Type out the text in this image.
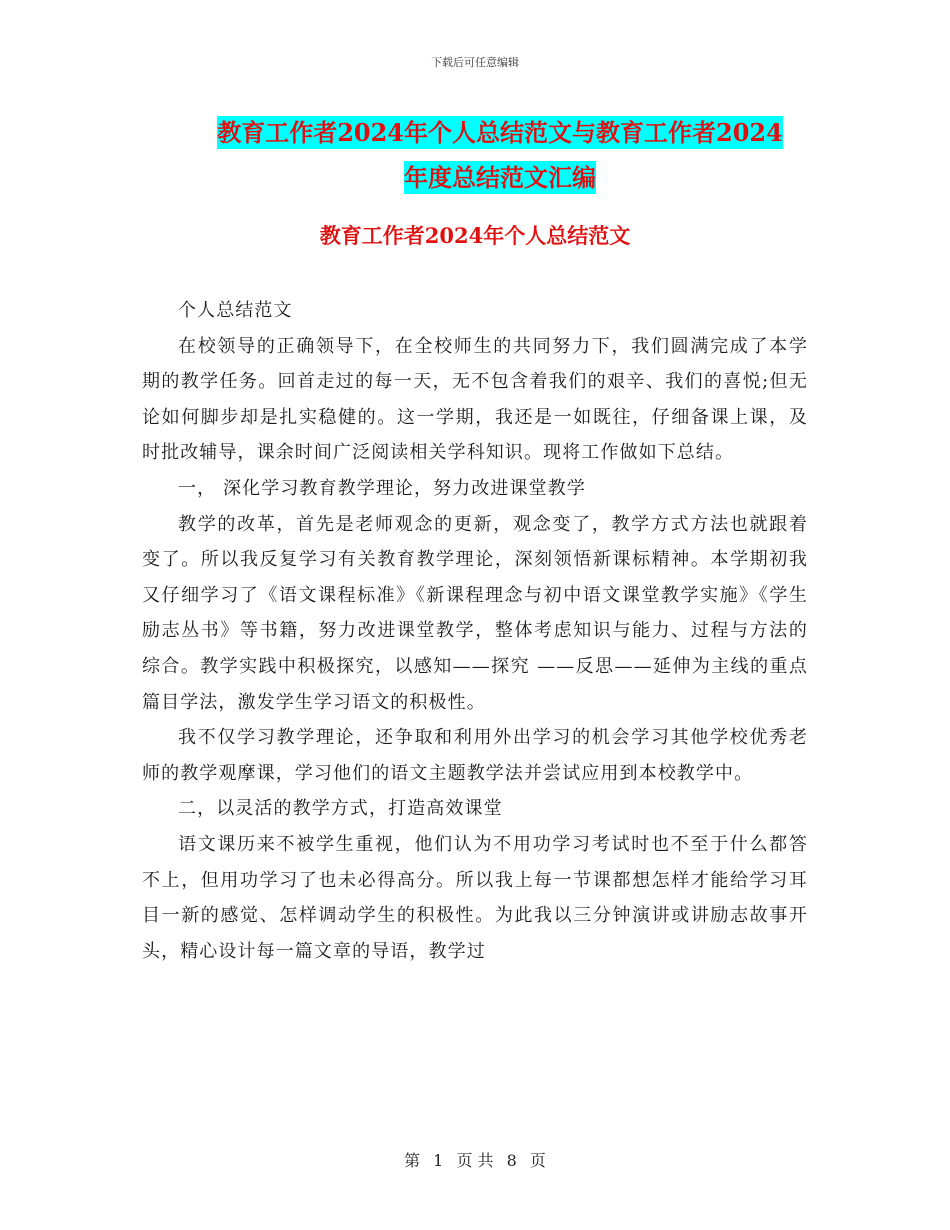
下载后可任意编辑
教育工作者2024年个人总结范文与教育工作者2024
年度总结范文汇编
教育工作者2024年个人总结范文

个人总结范文

在校领导的正确领导下，在全校师生的共同努力下，我们圆满完成了本学期的教学任务。回首走过的每一天，无不包含着我们的艰辛、我们的喜悦;但无论如何脚步却是扎实稳健的。这一学期，我还是一如既往，仔细备课上课，及时批改辅导，课余时间广泛阅读相关学科知识。现将工作做如下总结。

一， 深化学习教育教学理论，努力改进课堂教学

教学的改革，首先是老师观念的更新，观念变了，教学方式方法也就跟着变了。所以我反复学习有关教育教学理论，深刻领悟新课标精神。本学期初我又仔细学习了《语文课程标准》《新课程理念与初中语文课堂教学实施》《学生励志丛书》等书籍，努力改进课堂教学，整体考虑知识与能力、过程与方法的综合。教学实践中积极探究，以感知——探究 ——反思——延伸为主线的重点篇目学法，激发学生学习语文的积极性。

我不仅学习教学理论，还争取和利用外出学习的机会学习其他学校优秀老师的教学观摩课，学习他们的语文主题教学法并尝试应用到本校教学中。

二，以灵活的教学方式，打造高效课堂

语文课历来不被学生重视，他们认为不用功学习考试时也不至于什么都答不上，但用功学习了也未必得高分。所以我上每一节课都想怎样才能给学习耳目一新的感觉、怎样调动学生的积极性。为此我以三分钟演讲或讲励志故事开头，精心设计每一篇文章的导语，教学过

第 1 页 共 8 页
